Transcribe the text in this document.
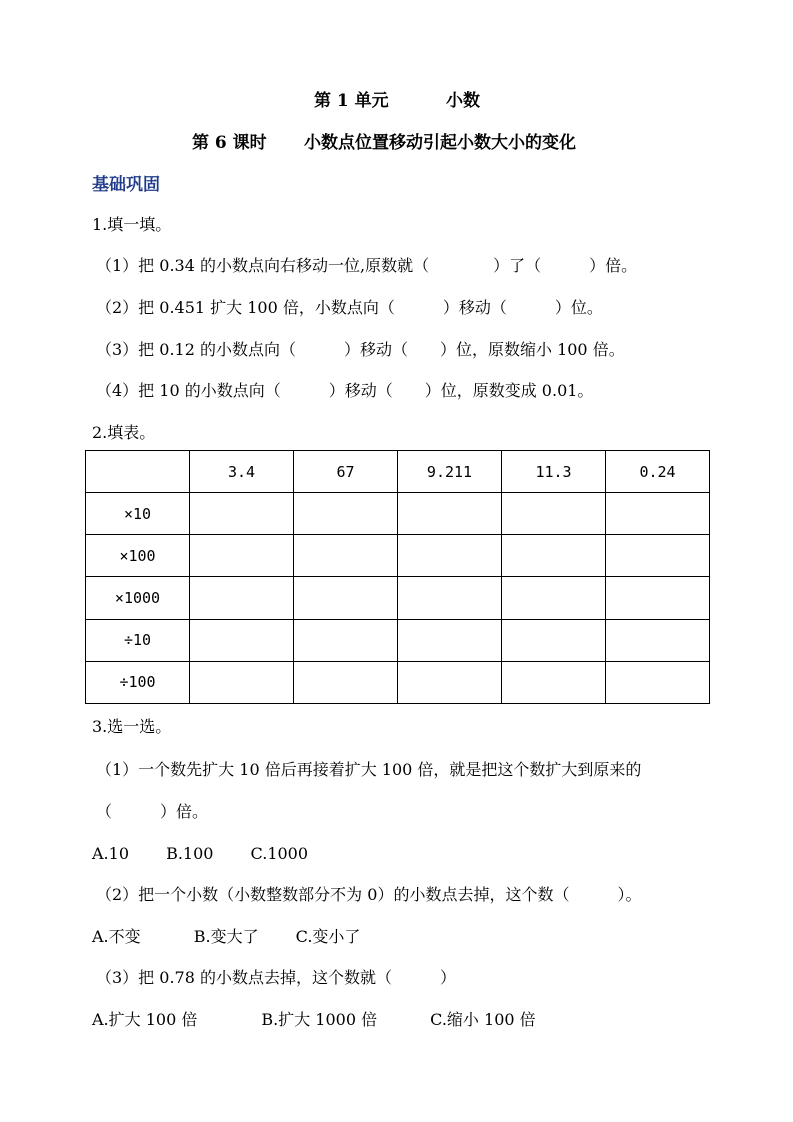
第 1 单元	小数
第 6 课时 小数点位置移动引起小数大小的变化
基础巩固
1.填一填。
（1）把 0.34 的小数点向右移动一位,原数就（　　　　）了（　　　）倍。
（2）把 0.451 扩大 100 倍，小数点向（　　　）移动（　　　）位。
（3）把 0.12 的小数点向（　　　）移动（　　）位，原数缩小 100 倍。
（4）把 10 的小数点向（　　　）移动（　　）位，原数变成 0.01。
2.填表。
	3.4	67	9.211	11.3	0.24
×10					
×100					
×1000					
÷10					
÷100					
3.选一选。
（1）一个数先扩大 10 倍后再接着扩大 100 倍，就是把这个数扩大到原来的
（　　　）倍。
A.10　　 B.100　　 C.1000
（2）把一个小数（小数整数部分不为 0）的小数点去掉，这个数（　　　）。
A.不变　　　 B.变大了　　 C.变小了
（3）把 0.78 的小数点去掉，这个数就（　　　）
A.扩大 100 倍　　　　B.扩大 1000 倍　　　 C.缩小 100 倍
